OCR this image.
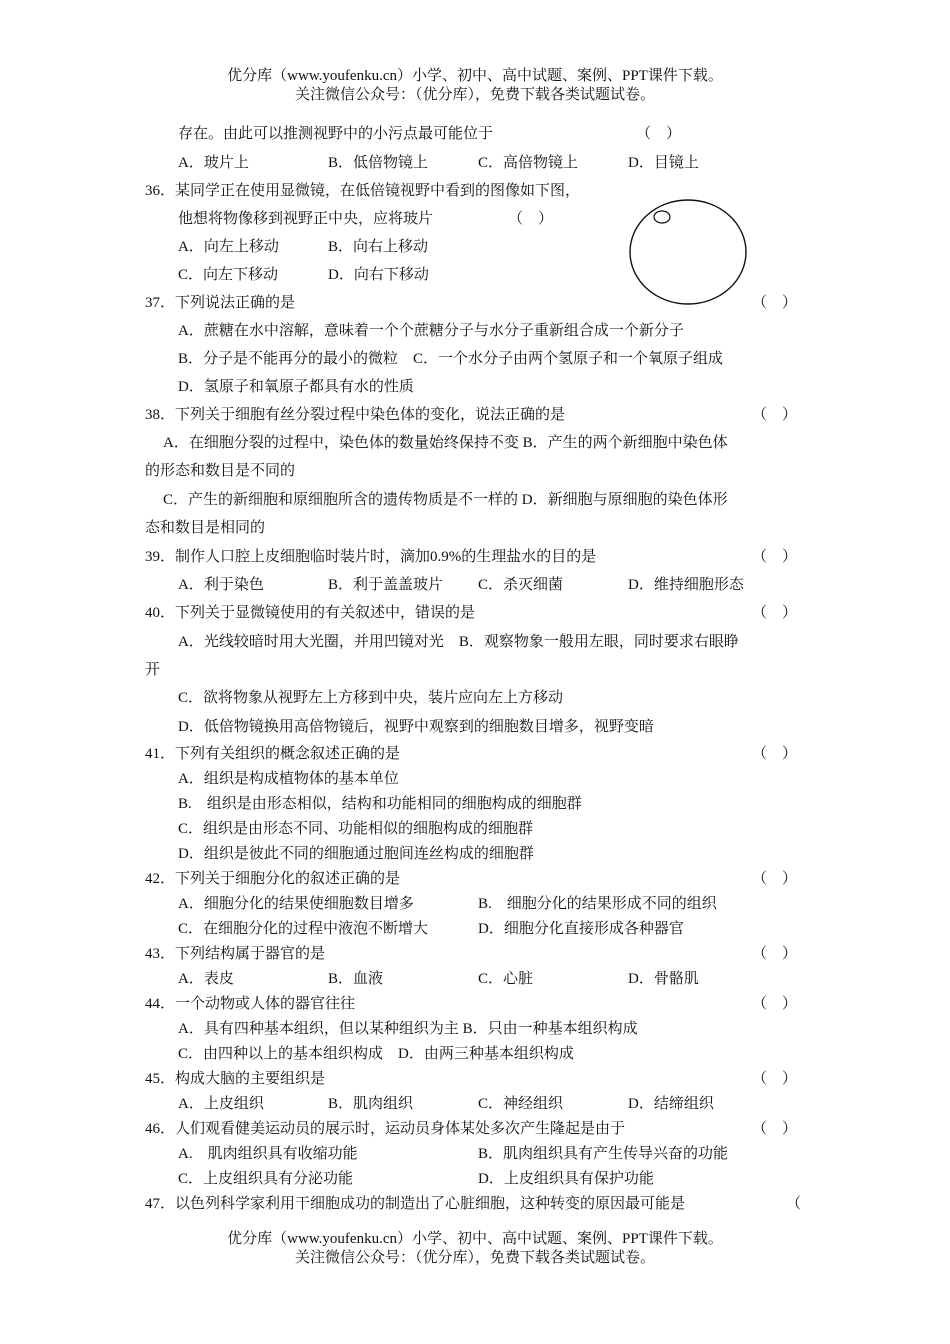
优分库（www.youfenku.cn）小学、初中、高中试题、案例、PPT课件下载。
关注微信公众号：（优分库），免费下载各类试题试卷。
存在。由此可以推测视野中的小污点最可能位于	（　）
A．玻片上	B．低倍物镜上	C．高倍物镜上	D．目镜上
36．某同学正在使用显微镜，在低倍镜视野中看到的图像如下图，
他想将物像移到视野正中央，应将玻片	（　）
A．向左上移动	B．向右上移动
C．向左下移动	D．向右下移动
37．下列说法正确的是	（　）
A．蔗糖在水中溶解，意味着一个个蔗糖分子与水分子重新组合成一个新分子
B．分子是不能再分的最小的微粒　C．一个水分子由两个氢原子和一个氧原子组成
D．氢原子和氧原子都具有水的性质
38．下列关于细胞有丝分裂过程中染色体的变化，说法正确的是	（　）
A．在细胞分裂的过程中，染色体的数量始终保持不变 B．产生的两个新细胞中染色体
的形态和数目是不同的
C．产生的新细胞和原细胞所含的遗传物质是不一样的 D．新细胞与原细胞的染色体形
态和数目是相同的
39．制作人口腔上皮细胞临时装片时，滴加0.9%的生理盐水的目的是	（　）
A．利于染色	B．利于盖盖玻片 C．杀灭细菌	D．维持细胞形态
40．下列关于显微镜使用的有关叙述中，错误的是	（　）
A．光线较暗时用大光圈，并用凹镜对光　B．观察物象一般用左眼，同时要求右眼睁
开
C．欲将物象从视野左上方移到中央，装片应向左上方移动
D．低倍物镜换用高倍物镜后，视野中观察到的细胞数目增多，视野变暗
41．下列有关组织的概念叙述正确的是	（　）
A．组织是构成植物体的基本单位
B.　组织是由形态相似，结构和功能相同的细胞构成的细胞群
C．组织是由形态不同、功能相似的细胞构成的细胞群
D．组织是彼此不同的细胞通过胞间连丝构成的细胞群
42．下列关于细胞分化的叙述正确的是	（　）
A．细胞分化的结果使细胞数目增多	B.　细胞分化的结果形成不同的组织
C．在细胞分化的过程中液泡不断增大	D．细胞分化直接形成各种器官
43．下列结构属于器官的是	（　）
A．表皮	B．血液	C．心脏	D．骨骼肌
44．一个动物或人体的器官往往	（　）
A．具有四种基本组织，但以某种组织为主 B．只由一种基本组织构成
C．由四种以上的基本组织构成　D．由两三种基本组织构成
45．构成大脑的主要组织是	（　）
A．上皮组织	B．肌肉组织	C．神经组织	D．结缔组织
46．人们观看健美运动员的展示时，运动员身体某处多次产生隆起是由于	（　）
A.　肌肉组织具有收缩功能	B．肌肉组织具有产生传导兴奋的功能
C．上皮组织具有分泌功能	D．上皮组织具有保护功能
47．以色列科学家利用干细胞成功的制造出了心脏细胞，这种转变的原因最可能是	（
优分库（www.youfenku.cn）小学、初中、高中试题、案例、PPT课件下载。
关注微信公众号：（优分库），免费下载各类试题试卷。
